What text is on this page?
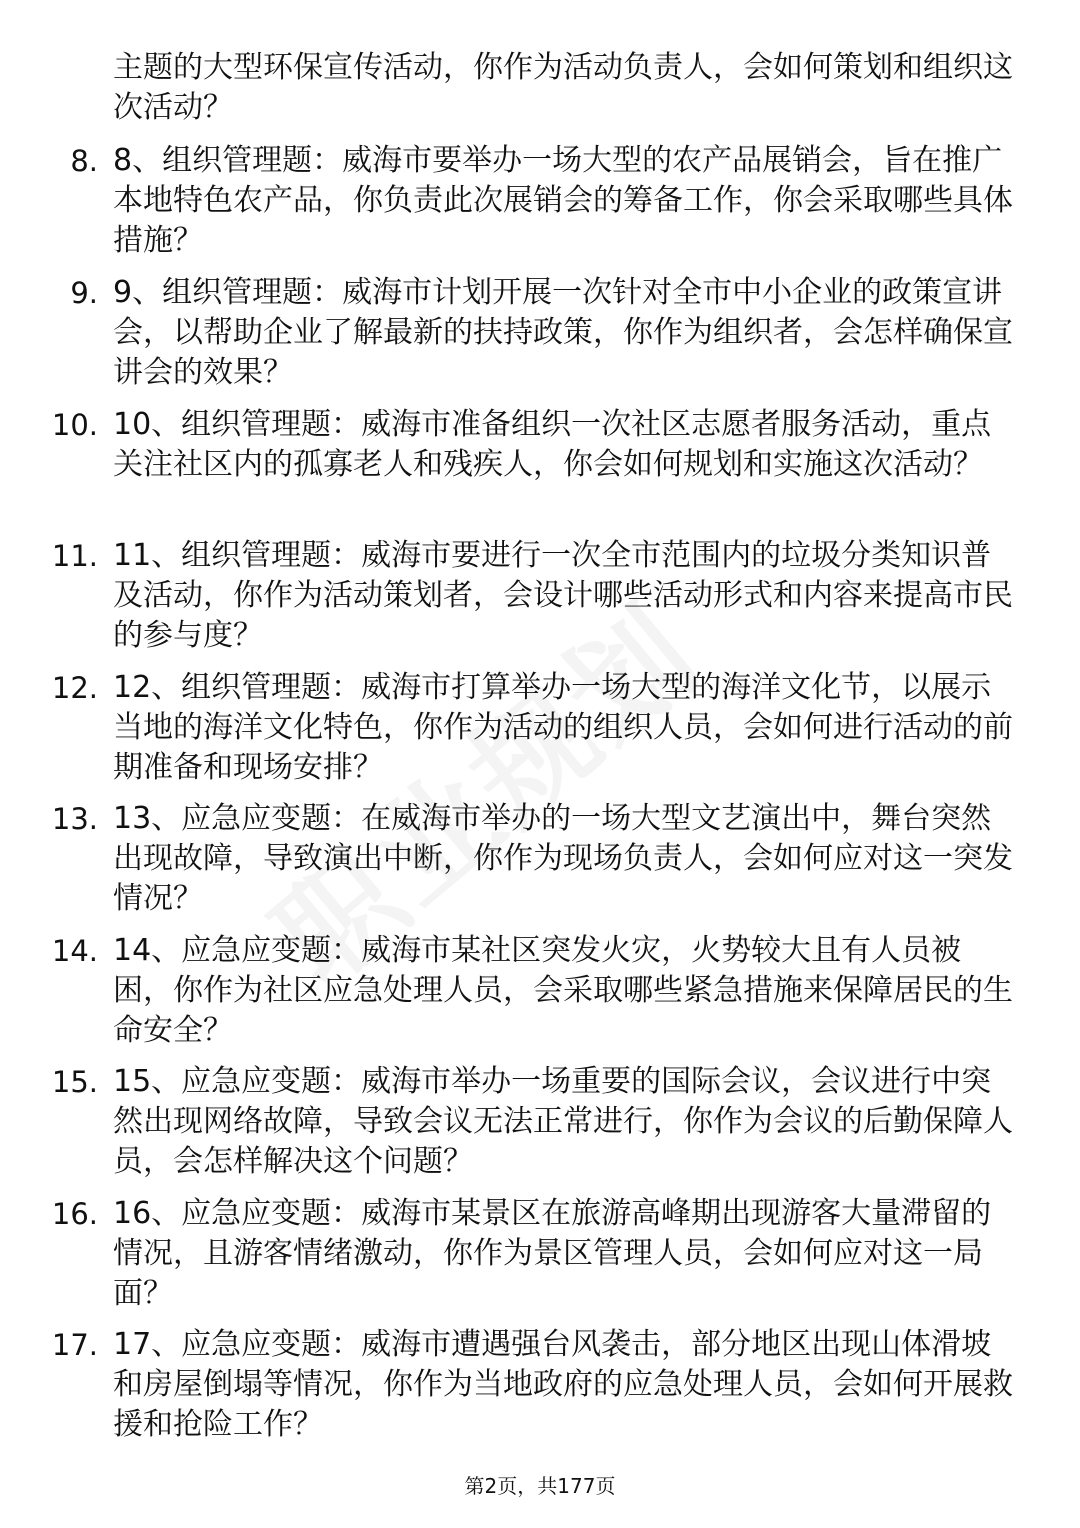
主题的大型环保宣传活动，你作为活动负责人，会如何策划和组织这次活动？
8. 8、组织管理题：威海市要举办一场大型的农产品展销会，旨在推广本地特色农产品，你负责此次展销会的筹备工作，你会采取哪些具体措施？
9. 9、组织管理题：威海市计划开展一次针对全市中小企业的政策宣讲会，以帮助企业了解最新的扶持政策，你作为组织者，会怎样确保宣讲会的效果？
10. 10、组织管理题：威海市准备组织一次社区志愿者服务活动，重点关注社区内的孤寡老人和残疾人，你会如何规划和实施这次活动？
11. 11、组织管理题：威海市要进行一次全市范围内的垃圾分类知识普及活动，你作为活动策划者，会设计哪些活动形式和内容来提高市民的参与度？
12. 12、组织管理题：威海市打算举办一场大型的海洋文化节，以展示当地的海洋文化特色，你作为活动的组织人员，会如何进行活动的前期准备和现场安排？
13. 13、应急应变题：在威海市举办的一场大型文艺演出中，舞台突然出现故障，导致演出中断，你作为现场负责人，会如何应对这一突发情况？
14. 14、应急应变题：威海市某社区突发火灾，火势较大且有人员被困，你作为社区应急处理人员，会采取哪些紧急措施来保障居民的生命安全？
15. 15、应急应变题：威海市举办一场重要的国际会议，会议进行中突然出现网络故障，导致会议无法正常进行，你作为会议的后勤保障人员，会怎样解决这个问题？
16. 16、应急应变题：威海市某景区在旅游高峰期出现游客大量滞留的情况，且游客情绪激动，你作为景区管理人员，会如何应对这一局面？
17. 17、应急应变题：威海市遭遇强台风袭击，部分地区出现山体滑坡和房屋倒塌等情况，你作为当地政府的应急处理人员，会如何开展救援和抢险工作？
第2页，共177页
